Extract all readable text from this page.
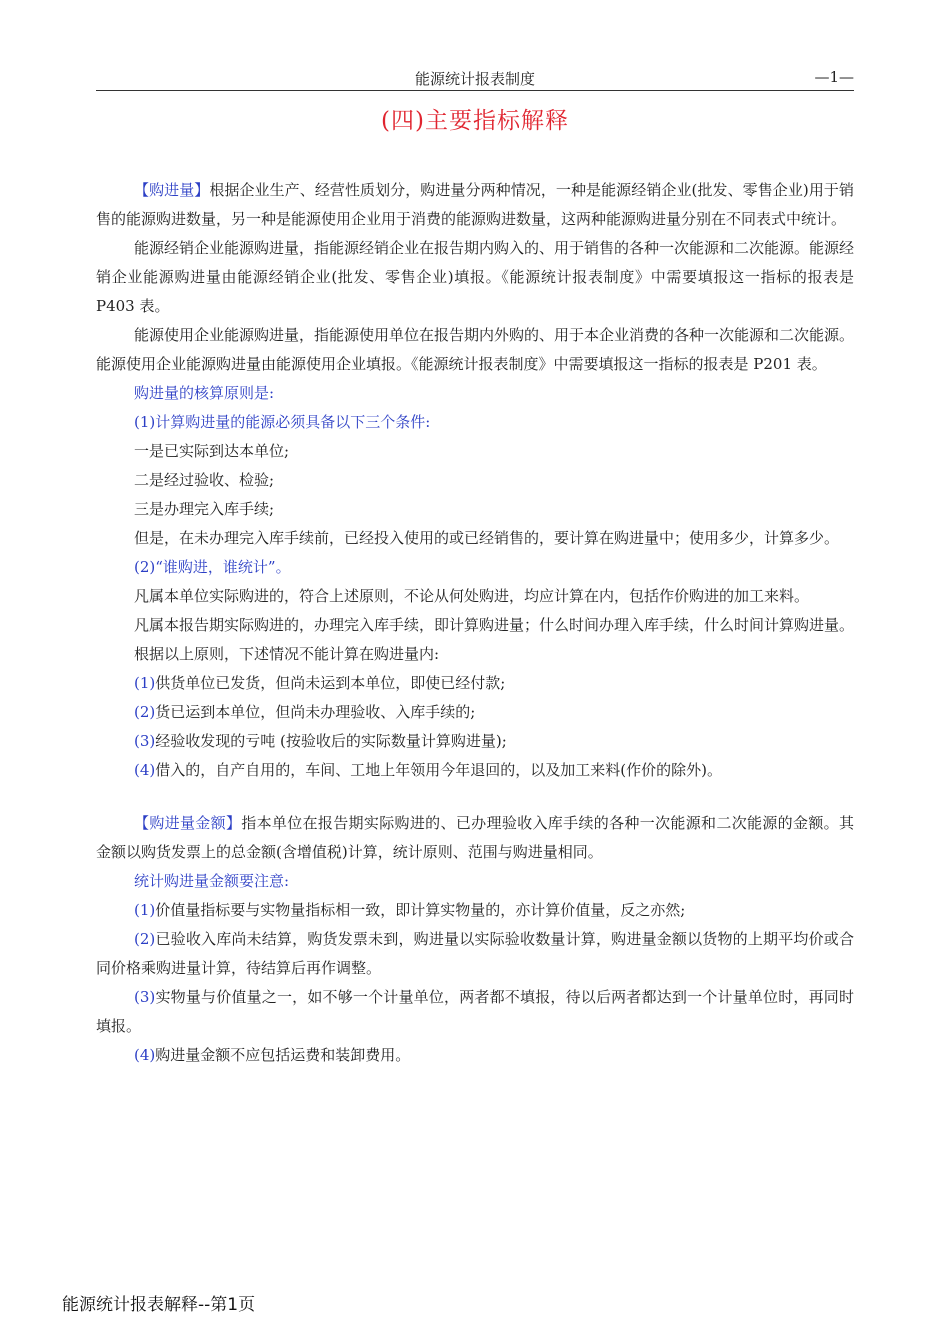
能源统计报表制度	—1—
(四)主要指标解释

【购进量】根据企业生产、经营性质划分，购进量分两种情况，一种是能源经销企业(批发、零售企业)用于销售的能源购进数量，另一种是能源使用企业用于消费的能源购进数量，这两种能源购进量分别在不同表式中统计。

能源经销企业能源购进量，指能源经销企业在报告期内购入的、用于销售的各种一次能源和二次能源。能源经销企业能源购进量由能源经销企业(批发、零售企业)填报。《能源统计报表制度》中需要填报这一指标的报表是 P403 表。

能源使用企业能源购进量，指能源使用单位在报告期内外购的、用于本企业消费的各种一次能源和二次能源。能源使用企业能源购进量由能源使用企业填报。《能源统计报表制度》中需要填报这一指标的报表是 P201 表。

购进量的核算原则是:

(1)计算购进量的能源必须具备以下三个条件:

一是已实际到达本单位;

二是经过验收、检验;

三是办理完入库手续;

但是，在未办理完入库手续前，已经投入使用的或已经销售的，要计算在购进量中；使用多少，计算多少。

(2)“谁购进，谁统计”。

凡属本单位实际购进的，符合上述原则，不论从何处购进，均应计算在内，包括作价购进的加工来料。

凡属本报告期实际购进的，办理完入库手续，即计算购进量；什么时间办理入库手续，什么时间计算购进量。

根据以上原则，下述情况不能计算在购进量内:

(1)供货单位已发货，但尚未运到本单位，即使已经付款;

(2)货已运到本单位，但尚未办理验收、入库手续的;

(3)经验收发现的亏吨 (按验收后的实际数量计算购进量);

(4)借入的，自产自用的，车间、工地上年领用今年退回的，以及加工来料(作价的除外)。

【购进量金额】指本单位在报告期实际购进的、已办理验收入库手续的各种一次能源和二次能源的金额。其金额以购货发票上的总金额(含增值税)计算，统计原则、范围与购进量相同。

统计购进量金额要注意:

(1)价值量指标要与实物量指标相一致，即计算实物量的，亦计算价值量，反之亦然;

(2)已验收入库尚未结算，购货发票未到，购进量以实际验收数量计算，购进量金额以货物的上期平均价或合同价格乘购进量计算，待结算后再作调整。

(3)实物量与价值量之一，如不够一个计量单位，两者都不填报，待以后两者都达到一个计量单位时，再同时填报。

(4)购进量金额不应包括运费和装卸费用。

能源统计报表解释--第1页
